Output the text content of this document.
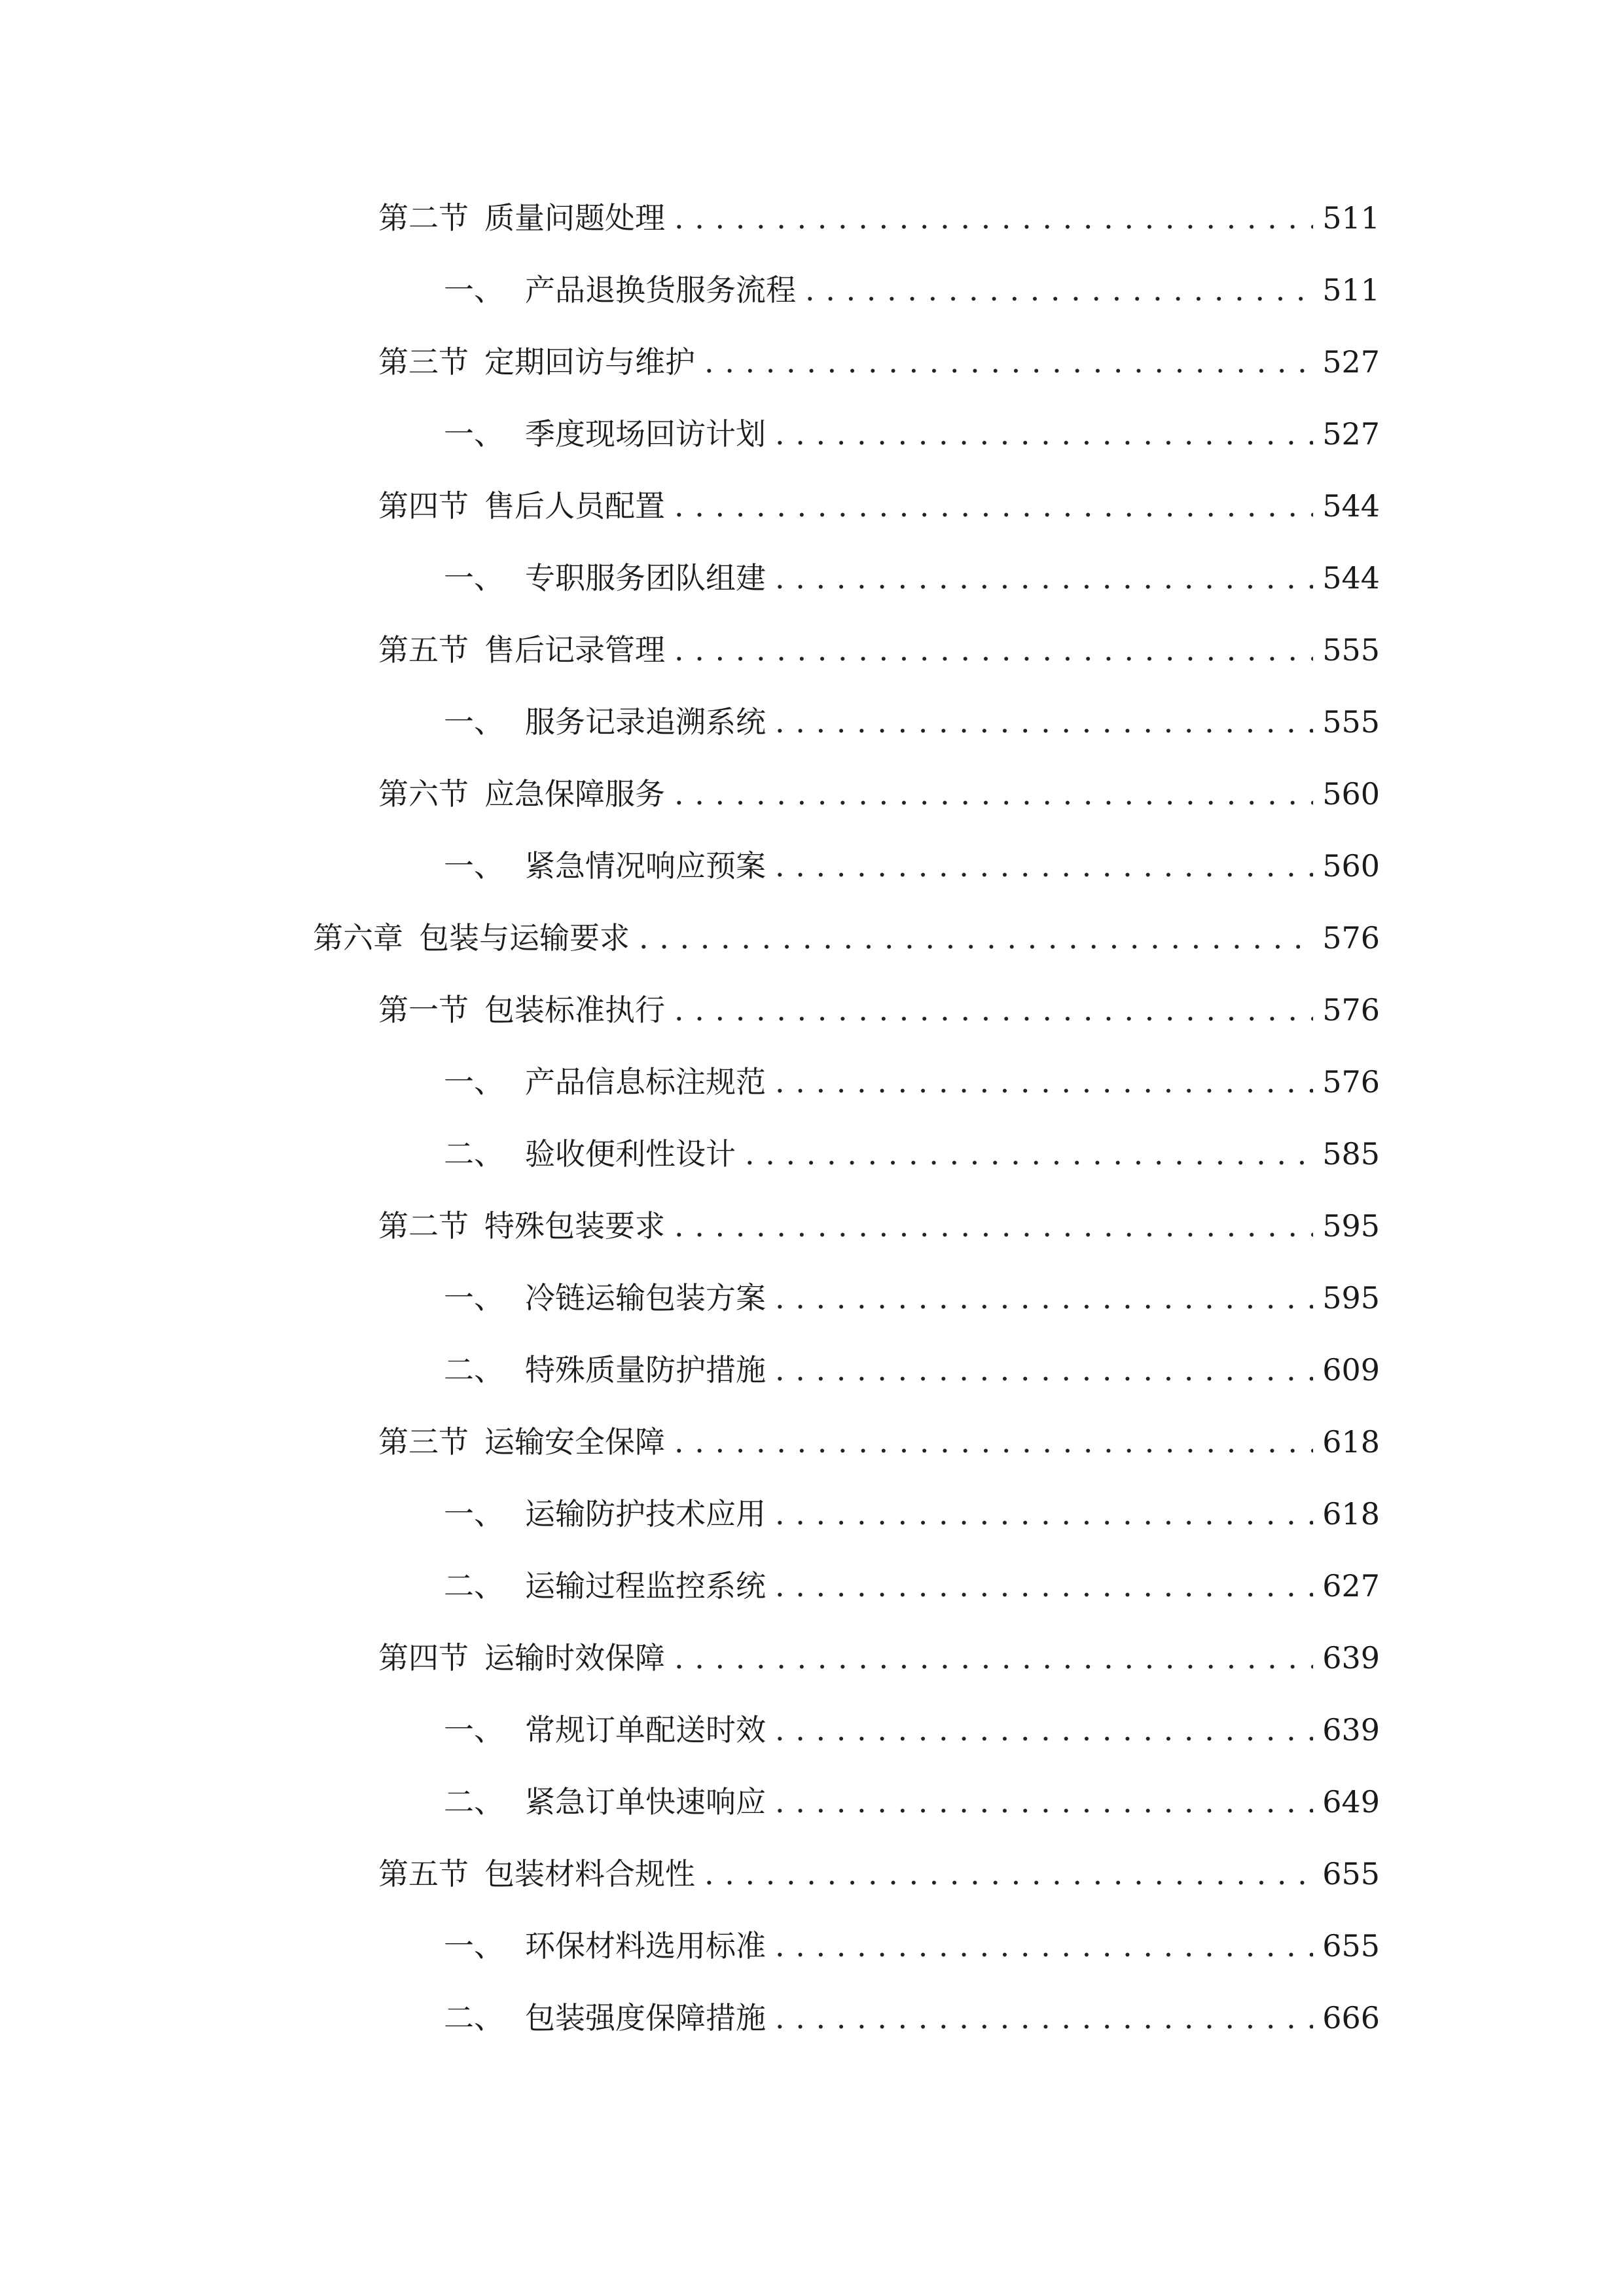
第二节 质量问题处理 . . .	511
一、 产品退换货服务流程 . . .	511
第三节 定期回访与维护 . . .	527
一、 季度现场回访计划 . . .	527
第四节 售后人员配置 . . .	544
一、 专职服务团队组建 . . .	544
第五节 售后记录管理 . . .	555
一、 服务记录追溯系统 . . .	555
第六节 应急保障服务 . . .	560
一、 紧急情况响应预案 . . .	560
第六章 包装与运输要求 . . .	576
第一节 包装标准执行 . . .	576
一、 产品信息标注规范 . . .	576
二、 验收便利性设计 . . .	585
第二节 特殊包装要求 . . .	595
一、 冷链运输包装方案 . . .	595
二、 特殊质量防护措施 . . .	609
第三节 运输安全保障 . . .	618
一、 运输防护技术应用 . . .	618
二、 运输过程监控系统 . . .	627
第四节 运输时效保障 . . .	639
一、 常规订单配送时效 . . .	639
二、 紧急订单快速响应 . . .	649
第五节 包装材料合规性 . . .	655
一、 环保材料选用标准 . . .	655
二、 包装强度保障措施 . . .	666
